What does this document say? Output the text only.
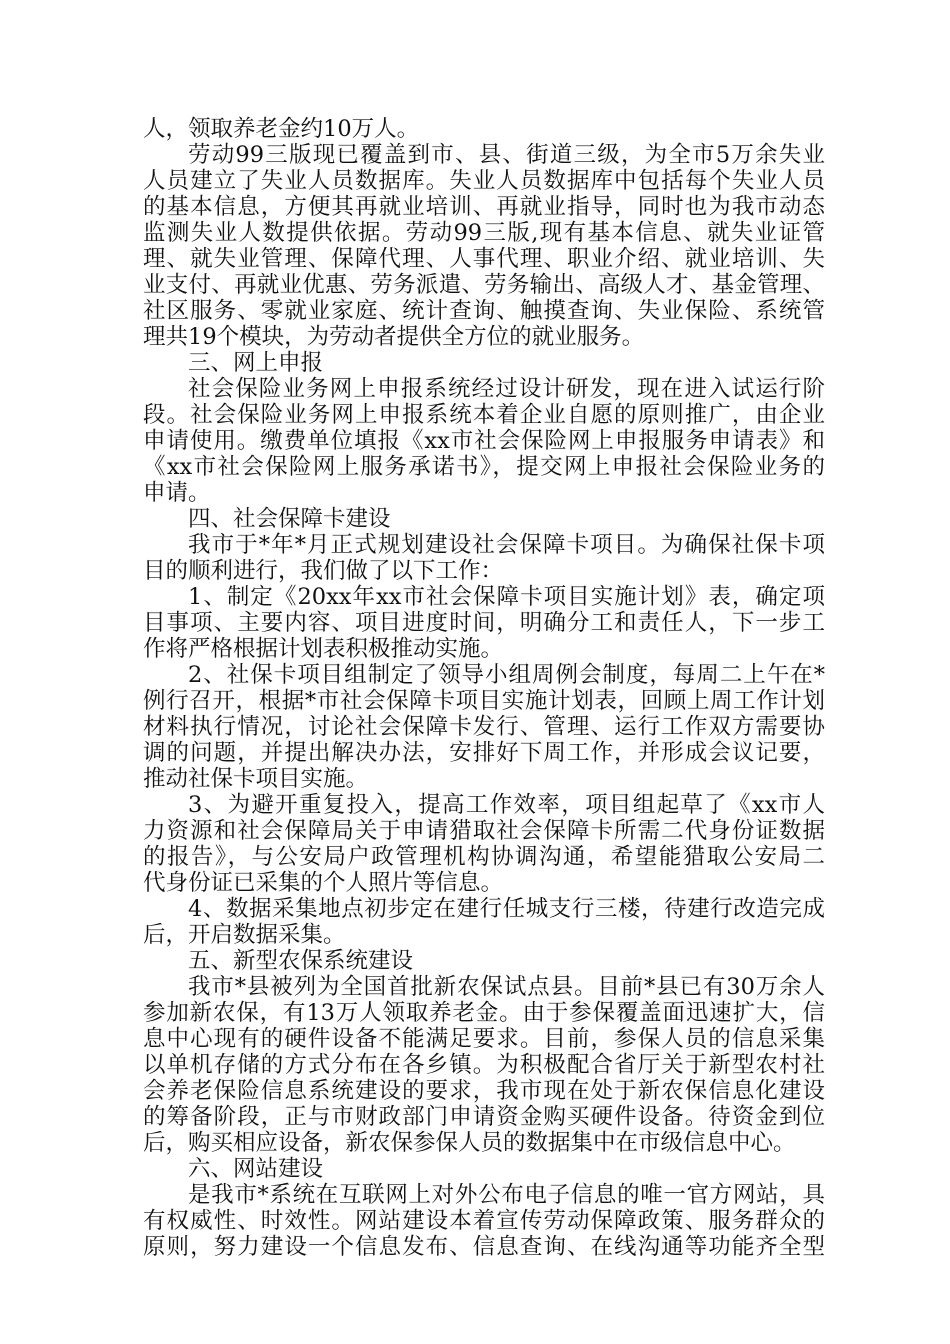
人，领取养老金约10万人。
劳动99三版现已覆盖到市、县、街道三级，为全市5万余失业
人员建立了失业人员数据库。失业人员数据库中包括每个失业人员
的基本信息，方便其再就业培训、再就业指导，同时也为我市动态
监测失业人数提供依据。劳动99三版,现有基本信息、就失业证管
理、就失业管理、保障代理、人事代理、职业介绍、就业培训、失
业支付、再就业优惠、劳务派遣、劳务输出、高级人才、基金管理、
社区服务、零就业家庭、统计查询、触摸查询、失业保险、系统管
理共19个模块，为劳动者提供全方位的就业服务。
三、网上申报
社会保险业务网上申报系统经过设计研发，现在进入试运行阶
段。社会保险业务网上申报系统本着企业自愿的原则推广，由企业
申请使用。缴费单位填报《xx市社会保险网上申报服务申请表》和
《xx市社会保险网上服务承诺书》，提交网上申报社会保险业务的
申请。
四、社会保障卡建设
我市于*年*月正式规划建设社会保障卡项目。为确保社保卡项
目的顺利进行，我们做了以下工作：
1、制定《20xx年xx市社会保障卡项目实施计划》表，确定项
目事项、主要内容、项目进度时间，明确分工和责任人，下一步工
作将严格根据计划表积极推动实施。
2、社保卡项目组制定了领导小组周例会制度，每周二上午在*
例行召开，根据*市社会保障卡项目实施计划表，回顾上周工作计划
材料执行情况，讨论社会保障卡发行、管理、运行工作双方需要协
调的问题，并提出解决办法，安排好下周工作，并形成会议记要，
推动社保卡项目实施。
3、为避开重复投入，提高工作效率，项目组起草了《xx市人
力资源和社会保障局关于申请猎取社会保障卡所需二代身份证数据
的报告》，与公安局户政管理机构协调沟通，希望能猎取公安局二
代身份证已采集的个人照片等信息。
4、数据采集地点初步定在建行任城支行三楼，待建行改造完成
后，开启数据采集。
五、新型农保系统建设
我市*县被列为全国首批新农保试点县。目前*县已有30万余人
参加新农保，有13万人领取养老金。由于参保覆盖面迅速扩大，信
息中心现有的硬件设备不能满足要求。目前，参保人员的信息采集
以单机存储的方式分布在各乡镇。为积极配合省厅关于新型农村社
会养老保险信息系统建设的要求，我市现在处于新农保信息化建设
的筹备阶段，正与市财政部门申请资金购买硬件设备。待资金到位
后，购买相应设备，新农保参保人员的数据集中在市级信息中心。
六、网站建设
是我市*系统在互联网上对外公布电子信息的唯一官方网站，具
有权威性、时效性。网站建设本着宣传劳动保障政策、服务群众的
原则，努力建设一个信息发布、信息查询、在线沟通等功能齐全型
